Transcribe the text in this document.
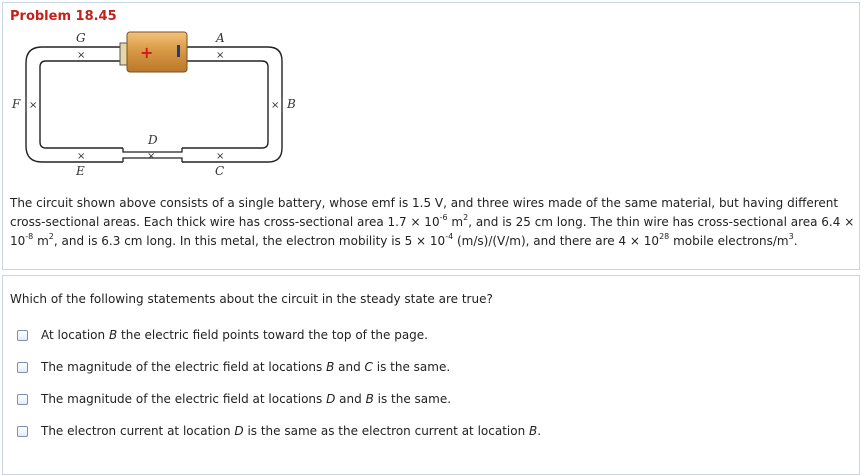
Problem 18.45
+
×
G
×
A
×
F	× B
×
D
×
E
×
C
The circuit shown above consists of a single battery, whose emf is 1.5 V, and three wires made of the same material, but having different cross-sectional areas. Each thick wire has cross-sectional area $1.7 \times 10^{-6}$ $m^2$, and is 25 cm long. The thin wire has cross-sectional area $6.4 \times 10^{-8}$ $m^2$, and is 6.3 cm long. In this metal, the electron mobility is $5 \times 10^{-4}$ (m/s)/(V/m), and there are $4 \times 10^{28}$ mobile electrons/$m^3$.
Which of the following statements about the circuit in the steady state are true?
At location B the electric field points toward the top of the page.
The magnitude of the electric field at locations B and C is the same.
The magnitude of the electric field at locations D and B is the same.
The electron current at location D is the same as the electron current at location B.
